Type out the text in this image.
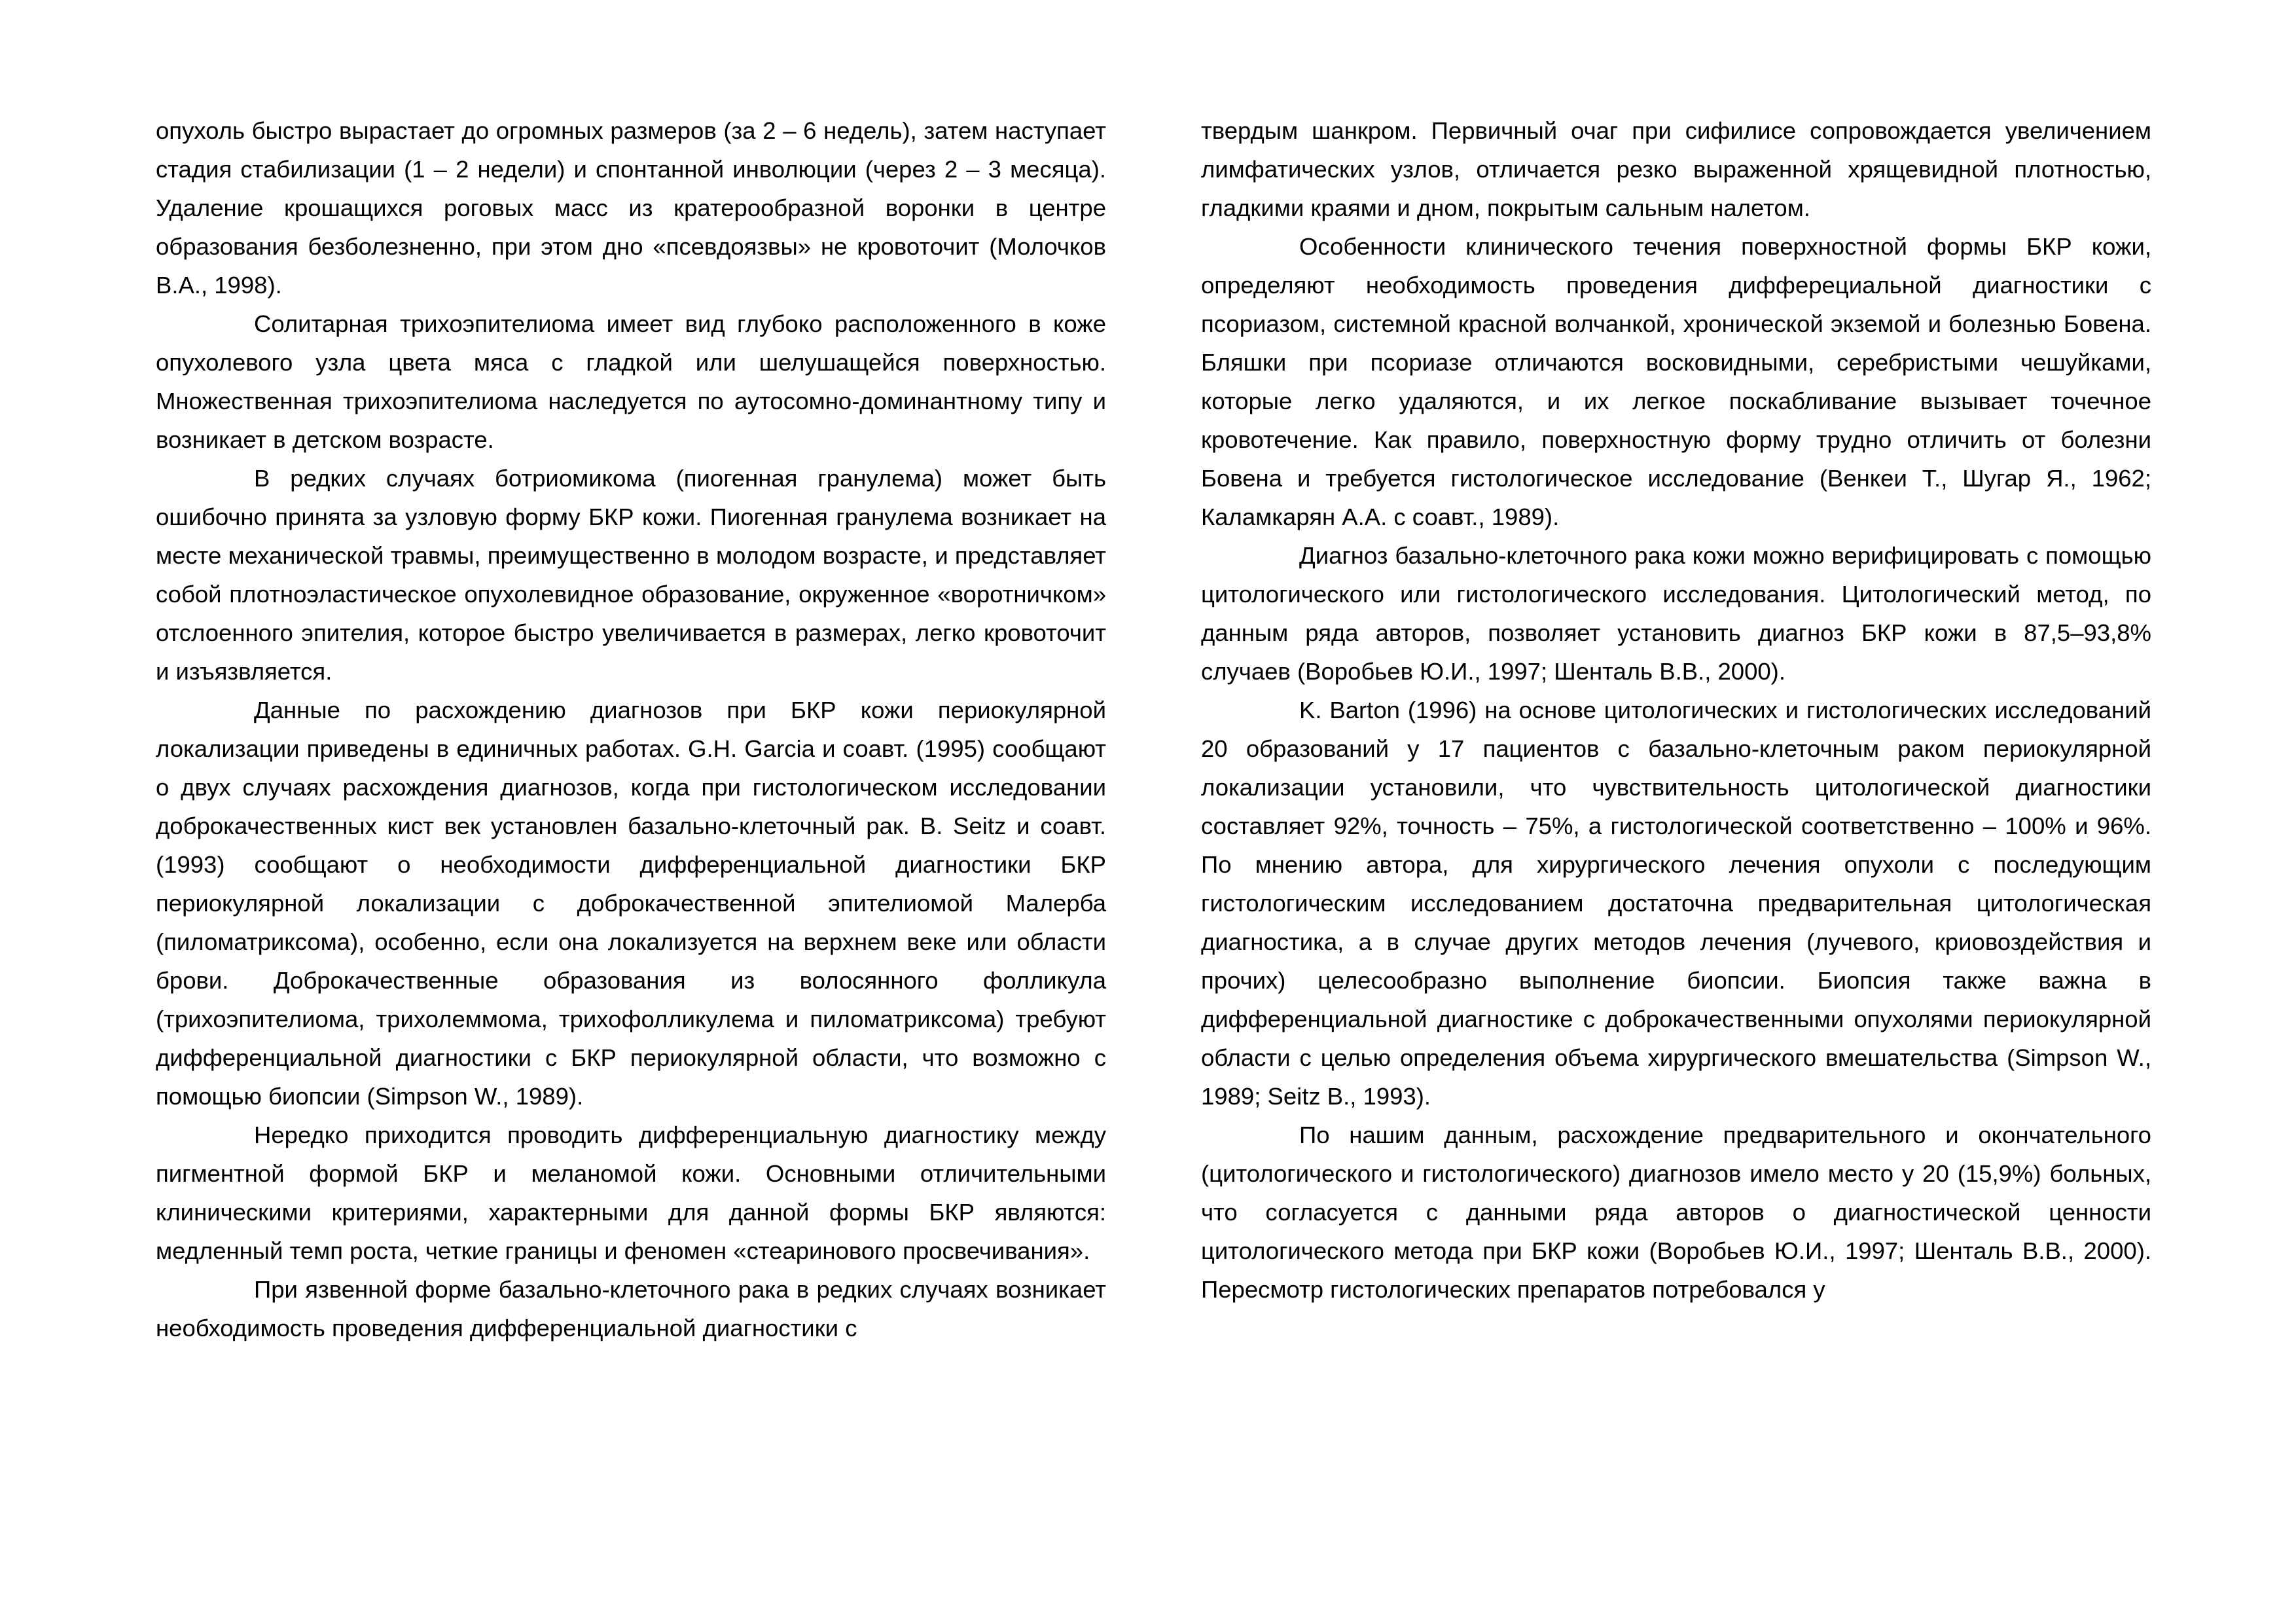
опухоль быстро вырастает до огромных размеров (за 2 – 6 недель), затем наступает стадия стабилизации (1 – 2 недели) и спонтанной инволюции (через 2 – 3 месяца). Удаление крошащихся роговых масс из кратерообразной воронки в центре образования безболезненно, при этом дно «псевдоязвы» не кровоточит (Молочков В.А., 1998).

Солитарная трихоэпителиома имеет вид глубоко расположенного в коже опухолевого узла цвета мяса с гладкой или шелушащейся поверхностью. Множественная трихоэпителиома наследуется по аутосомно-доминантному типу и возникает в детском возрасте.

В редких случаях ботриомикома (пиогенная гранулема) может быть ошибочно принята за узловую форму БКР кожи. Пиогенная гранулема возникает на месте механической травмы, преимущественно в молодом возрасте, и представляет собой плотноэластическое опухолевидное образование, окруженное «воротничком» отслоенного эпителия, которое быстро увеличивается в размерах, легко кровоточит и изъязвляется.

Данные по расхождению диагнозов при БКР кожи периокулярной локализации приведены в единичных работах. G.H. Garcia и соавт. (1995) сообщают о двух случаях расхождения диагнозов, когда при гистологическом исследовании доброкачественных кист век установлен базально-клеточный рак. B. Seitz и соавт. (1993) сообщают о необходимости дифференциальной диагностики БКР периокулярной локализации с доброкачественной эпителиомой Малерба (пиломатриксома), особенно, если она локализуется на верхнем веке или области брови. Доброкачественные образования из волосянного фолликула (трихоэпителиома, трихолеммома, трихофолликулема и пиломатриксома) требуют дифференциальной диагностики с БКР периокулярной области, что возможно с помощью биопсии (Simpson W., 1989).

Нередко приходится проводить дифференциальную диагностику между пигментной формой БКР и меланомой кожи. Основными отличительными клиническими критериями, характерными для данной формы БКР являются: медленный темп роста, четкие границы и феномен «стеаринового просвечивания».

При язвенной форме базально-клеточного рака в редких случаях возникает необходимость проведения дифференциальной диагностики с

твердым шанкром. Первичный очаг при сифилисе сопровождается увеличением лимфатических узлов, отличается резко выраженной хрящевидной плотностью, гладкими краями и дном, покрытым сальным налетом.

Особенности клинического течения поверхностной формы БКР кожи, определяют необходимость проведения дифферециальной диагностики с псориазом, системной красной волчанкой, хронической экземой и болезнью Бовена. Бляшки при псориазе отличаются восковидными, серебристыми чешуйками, которые легко удаляются, и их легкое поскабливание вызывает точечное кровотечение. Как правило, поверхностную форму трудно отличить от болезни Бовена и требуется гистологическое исследование (Венкеи Т., Шугар Я., 1962; Каламкарян А.А. с соавт., 1989).

Диагноз базально-клеточного рака кожи можно верифицировать с помощью цитологического или гистологического исследования. Цитологический метод, по данным ряда авторов, позволяет установить диагноз БКР кожи в 87,5–93,8% случаев (Воробьев Ю.И., 1997; Шенталь В.В., 2000).

K. Barton (1996) на основе цитологических и гистологических исследований 20 образований у 17 пациентов с базально-клеточным раком периокулярной локализации установили, что чувствительность цитологической диагностики составляет 92%, точность – 75%, а гистологической соответственно – 100% и 96%. По мнению автора, для хирургического лечения опухоли с последующим гистологическим исследованием достаточна предварительная цитологическая диагностика, а в случае других методов лечения (лучевого, криовоздействия и прочих) целесообразно выполнение биопсии. Биопсия также важна в дифференциальной диагностике с доброкачественными опухолями периокулярной области с целью определения объема хирургического вмешательства (Simpson W., 1989; Seitz B., 1993).

По нашим данным, расхождение предварительного и окончательного (цитологического и гистологического) диагнозов имело место у 20 (15,9%) больных, что согласуется с данными ряда авторов о диагностической ценности цитологического метода при БКР кожи (Воробьев Ю.И., 1997; Шенталь В.В., 2000). Пересмотр гистологических препаратов потребовался у
